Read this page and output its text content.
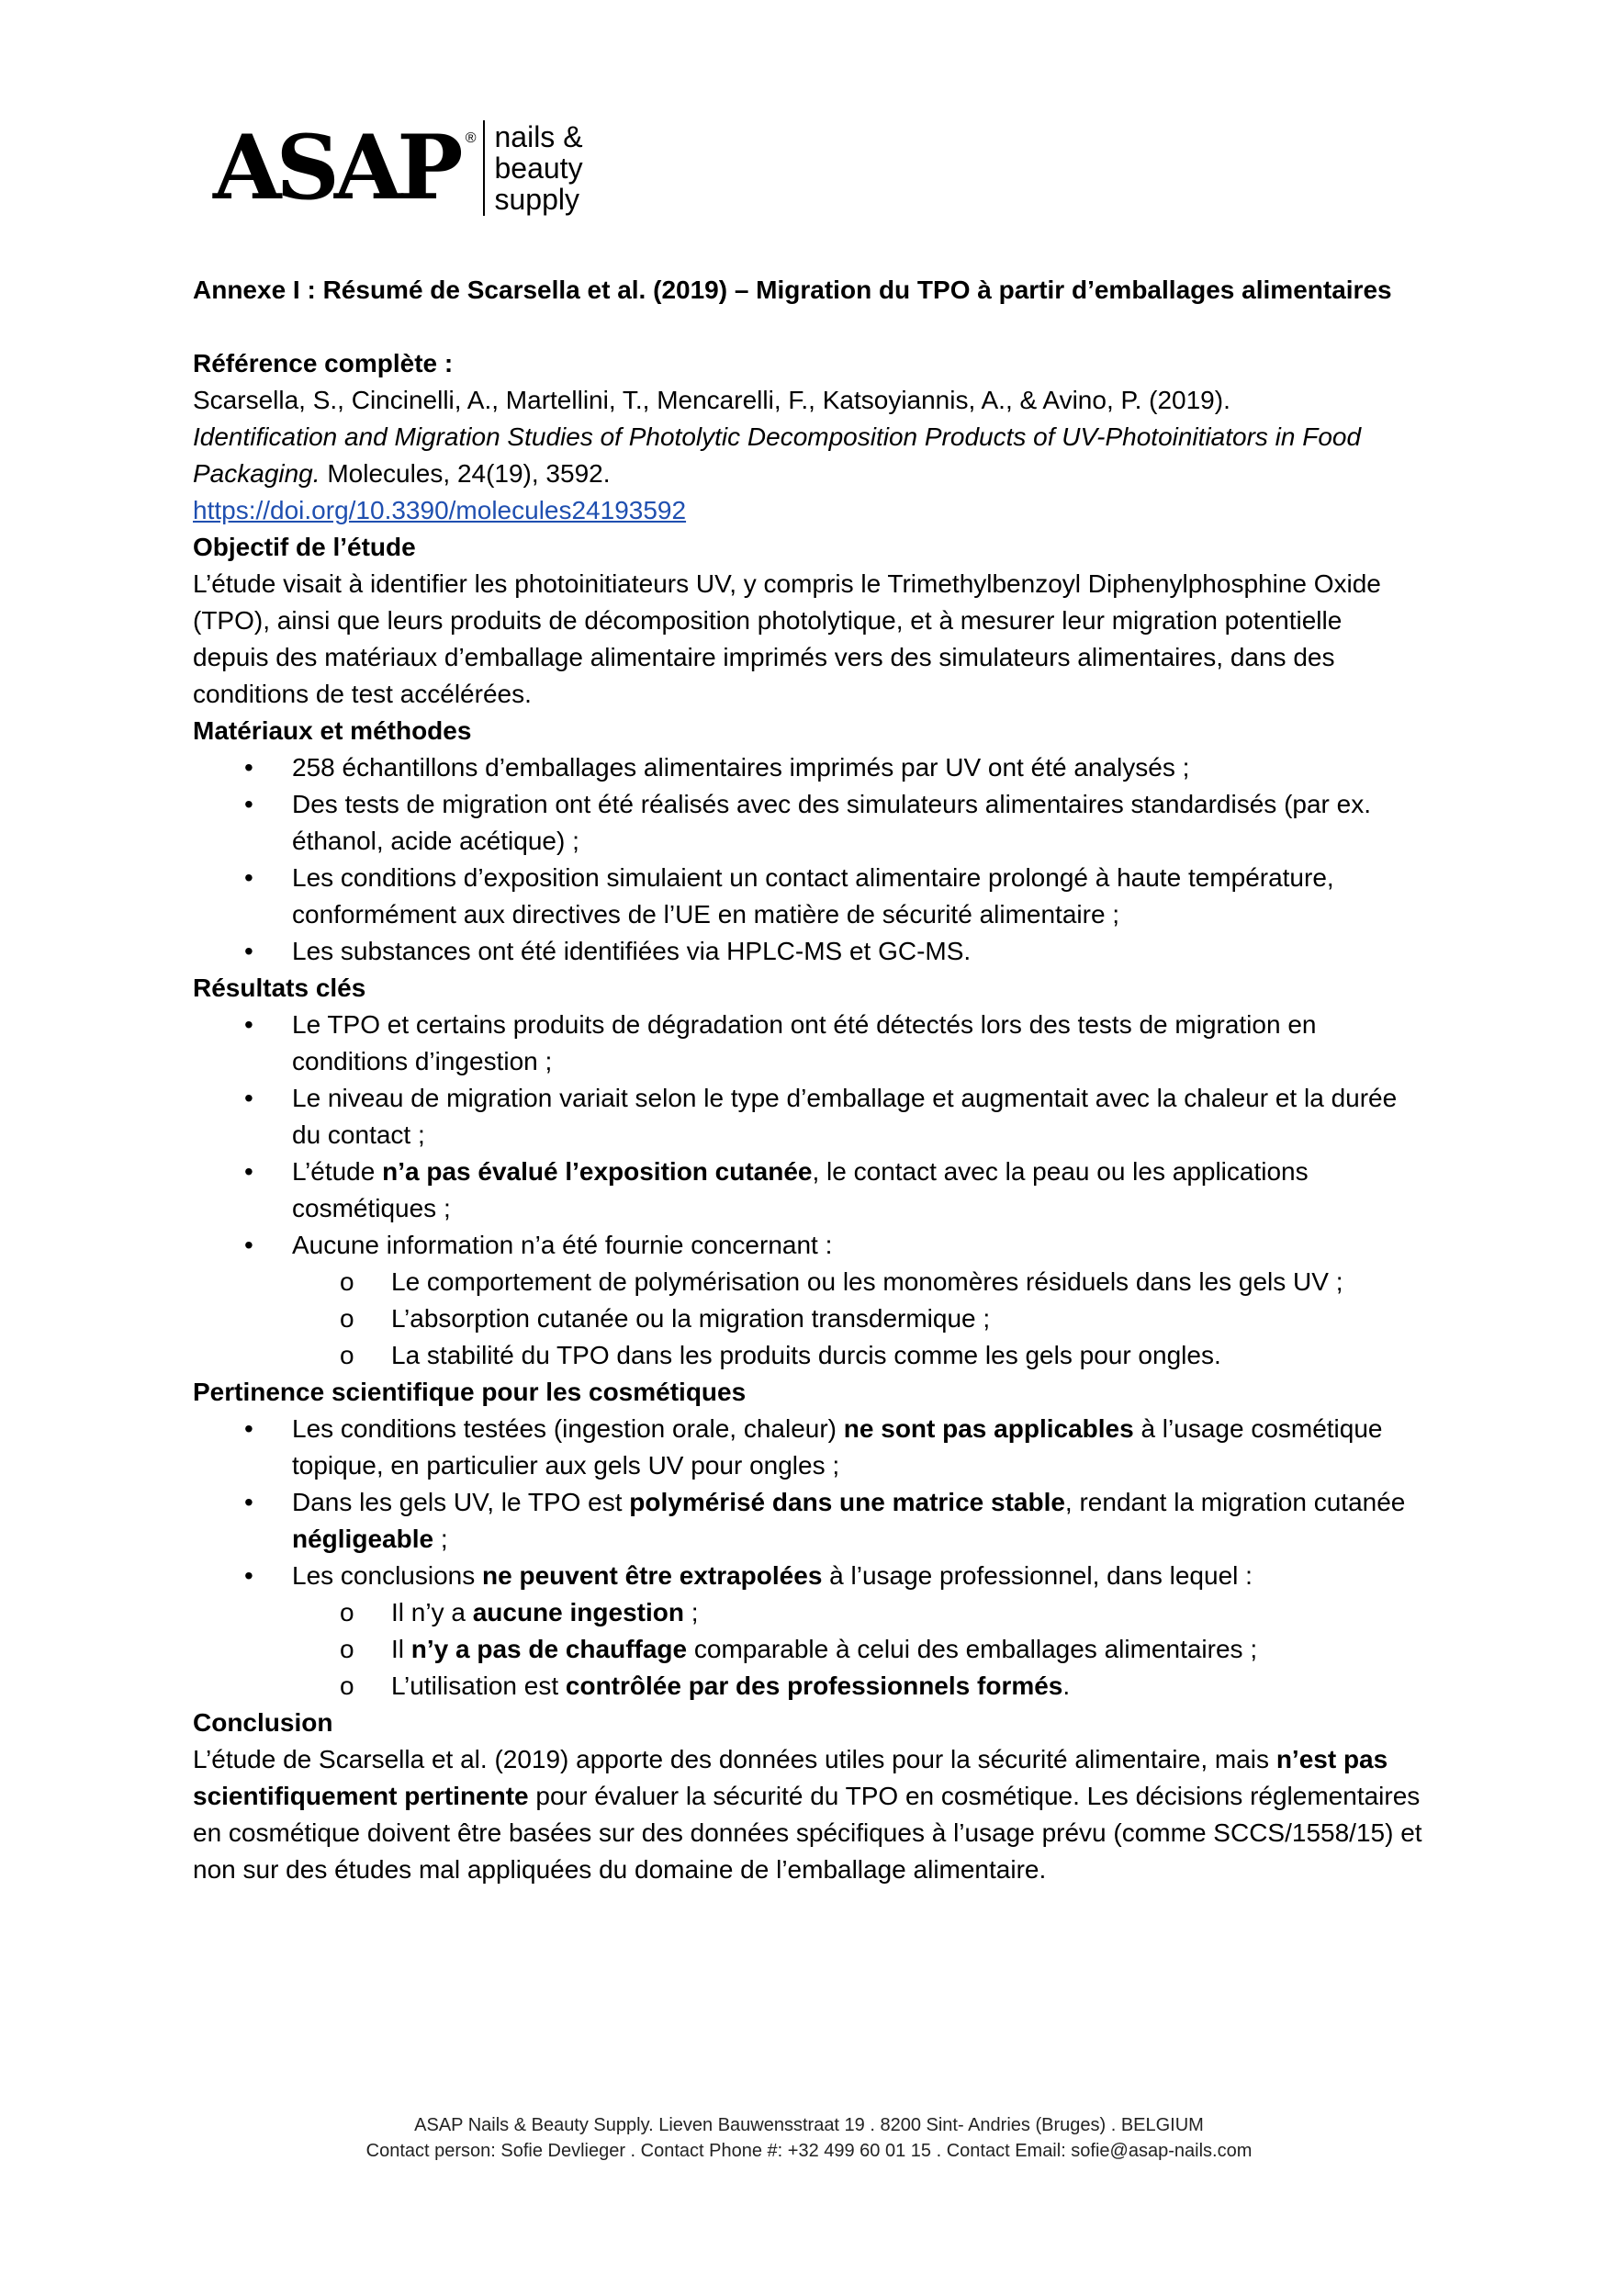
ASAP ® nails &
beauty
supply

Annexe I : Résumé de Scarsella et al. (2019) – Migration du TPO à partir d’emballages alimentaires

Référence complète :

Scarsella, S., Cincinelli, A., Martellini, T., Mencarelli, F., Katsoyiannis, A., & Avino, P. (2019).
Identification and Migration Studies of Photolytic Decomposition Products of UV-Photoinitiators in Food Packaging. Molecules, 24(19), 3592.

https://doi.org/10.3390/molecules24193592

Objectif de l’étude

L’étude visait à identifier les photoinitiateurs UV, y compris le Trimethylbenzoyl Diphenylphosphine Oxide (TPO), ainsi que leurs produits de décomposition photolytique, et à mesurer leur migration potentielle depuis des matériaux d’emballage alimentaire imprimés vers des simulateurs alimentaires, dans des conditions de test accélérées.

Matériaux et méthodes

• 258 échantillons d’emballages alimentaires imprimés par UV ont été analysés ;
• Des tests de migration ont été réalisés avec des simulateurs alimentaires standardisés (par ex. éthanol, acide acétique) ;
• Les conditions d’exposition simulaient un contact alimentaire prolongé à haute température, conformément aux directives de l’UE en matière de sécurité alimentaire ;
• Les substances ont été identifiées via HPLC-MS et GC-MS.

Résultats clés

• Le TPO et certains produits de dégradation ont été détectés lors des tests de migration en conditions d’ingestion ;
• Le niveau de migration variait selon le type d’emballage et augmentait avec la chaleur et la durée du contact ;
• L’étude n’a pas évalué l’exposition cutanée, le contact avec la peau ou les applications cosmétiques ;
• Aucune information n’a été fournie concernant :
o Le comportement de polymérisation ou les monomères résiduels dans les gels UV ;
o L’absorption cutanée ou la migration transdermique ;
o La stabilité du TPO dans les produits durcis comme les gels pour ongles.

Pertinence scientifique pour les cosmétiques

• Les conditions testées (ingestion orale, chaleur) ne sont pas applicables à l’usage cosmétique topique, en particulier aux gels UV pour ongles ;
• Dans les gels UV, le TPO est polymérisé dans une matrice stable, rendant la migration cutanée négligeable ;
• Les conclusions ne peuvent être extrapolées à l’usage professionnel, dans lequel :
o Il n’y a aucune ingestion ;
o Il n’y a pas de chauffage comparable à celui des emballages alimentaires ;
o L’utilisation est contrôlée par des professionnels formés.

Conclusion

L’étude de Scarsella et al. (2019) apporte des données utiles pour la sécurité alimentaire, mais n’est pas scientifiquement pertinente pour évaluer la sécurité du TPO en cosmétique. Les décisions réglementaires en cosmétique doivent être basées sur des données spécifiques à l’usage prévu (comme SCCS/1558/15) et non sur des études mal appliquées du domaine de l’emballage alimentaire.

ASAP Nails & Beauty Supply. Lieven Bauwensstraat 19 . 8200 Sint- Andries (Bruges) . BELGIUM
Contact person: Sofie Devlieger . Contact Phone #: +32 499 60 01 15 . Contact Email: sofie@asap-nails.com
